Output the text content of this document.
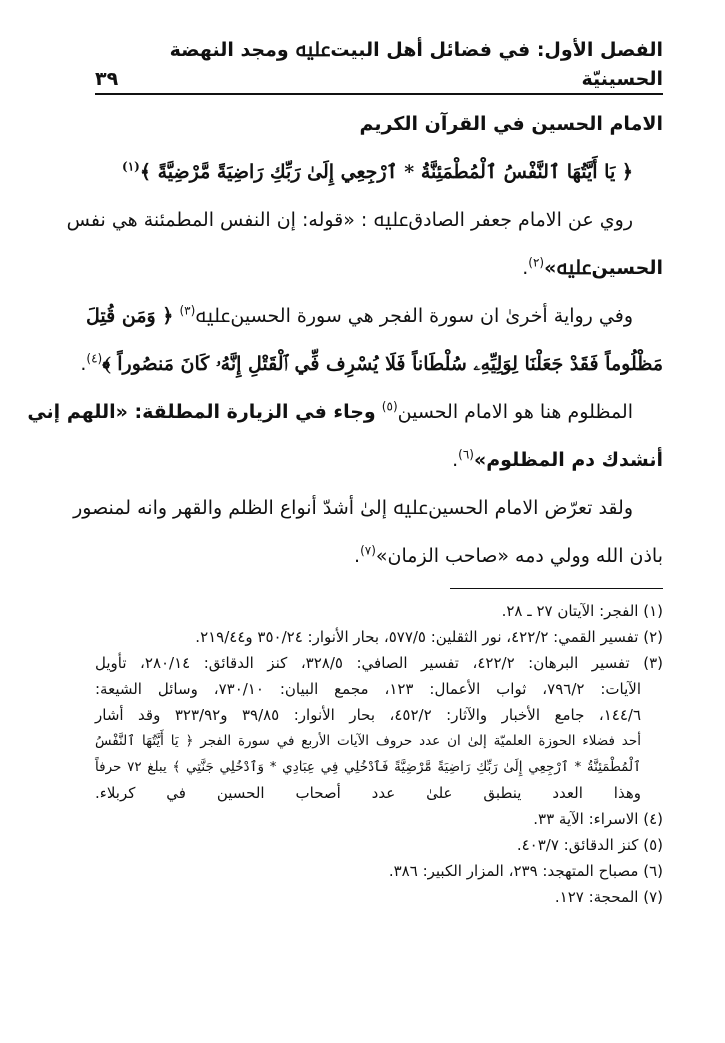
الفصل الأول: في فضائل أهل البيتﷷ ومجد النهضة الحسينيّة
٣٩
الامام الحسين في القرآن الكريم
﴿ يَا أَيَّتُهَا ٱلنَّفْسُ ٱلْمُطْمَئِنَّةُ * ٱرْجِعِي إِلَىٰ رَبِّكِ رَاضِيَةً مَّرْضِيَّةً ﴾$^{(١)}$
روي عن الامام جعفر الصادقﷷ : «قوله: إن النفس المطمئنة هي نفس
الحسينﷷ»$^{(٢)}$.
وفي رواية أخرىٰ ان سورة الفجر هي سورة الحسينﷷ$^{(٣)}$ ﴿ وَمَن قُتِلَ
مَظْلُوماً فَقَدْ جَعَلْنَا لِوَلِيِّهِۦ سُلْطَاناً فَلَا يُسْرِف فِّي ٱلْقَتْلِ إِنَّهُۥ كَانَ مَنصُوراً ﴾$^{(٤)}$.
المظلوم هنا هو الامام الحسين$^{(٥)}$ وجاء في الزيارة المطلقة: «اللهم إني
أنشدك دم المظلوم»$^{(٦)}$.
ولقد تعرّض الامام الحسينﷷ إلىٰ أشدّ أنواع الظلم والقهر وانه لمنصور
باذن الله وولي دمه «صاحب الزمان»$^{(٧)}$.
(١) الفجر: الآيتان ٢٧ ـ ٢٨.
(٢) تفسير القمي: ٤٢٢/٢، نور الثقلين: ٥٧٧/٥، بحار الأنوار: ٣٥٠/٢٤ و٢١٩/٤٤.
(٣) تفسير البرهان: ٤٢٢/٢، تفسير الصافي: ٣٢٨/٥، كنز الدقائق: ٢٨٠/١٤، تأويل
الآيات: ٧٩٦/٢، ثواب الأعمال: ١٢٣، مجمع البيان: ٧٣٠/١٠، وسائل الشيعة:
١٤٤/٦، جامع الأخبار والآثار: ٤٥٢/٢، بحار الأنوار: ٣٩/٨٥ و٣٢٣/٩٢ وقد أشار
أحد فضلاء الحوزة العلميّة إلىٰ ان عدد حروف الآيات الأربع في سورة الفجر ﴿ يَا أَيَّتُهَا ٱلنَّفْسُ
ٱلْمُطْمَئِنَّةُ * ٱرْجِعِي إِلَىٰ رَبِّكِ رَاضِيَةً مَّرْضِيَّةً فَٱدْخُلِي فِي عِبَادِي * وَٱدْخُلِي جَنَّتِي ﴾ يبلغ ٧٢ حرفاً
وهذا العدد ينطبق علىٰ عدد أصحاب الحسين في كربلاء.
(٤) الاسراء: الآية ٣٣.
(٥) كنز الدقائق: ٤٠٣/٧.
(٦) مصباح المتهجد: ٢٣٩، المزار الكبير: ٣٨٦.
(٧) المحجة: ١٢٧.
